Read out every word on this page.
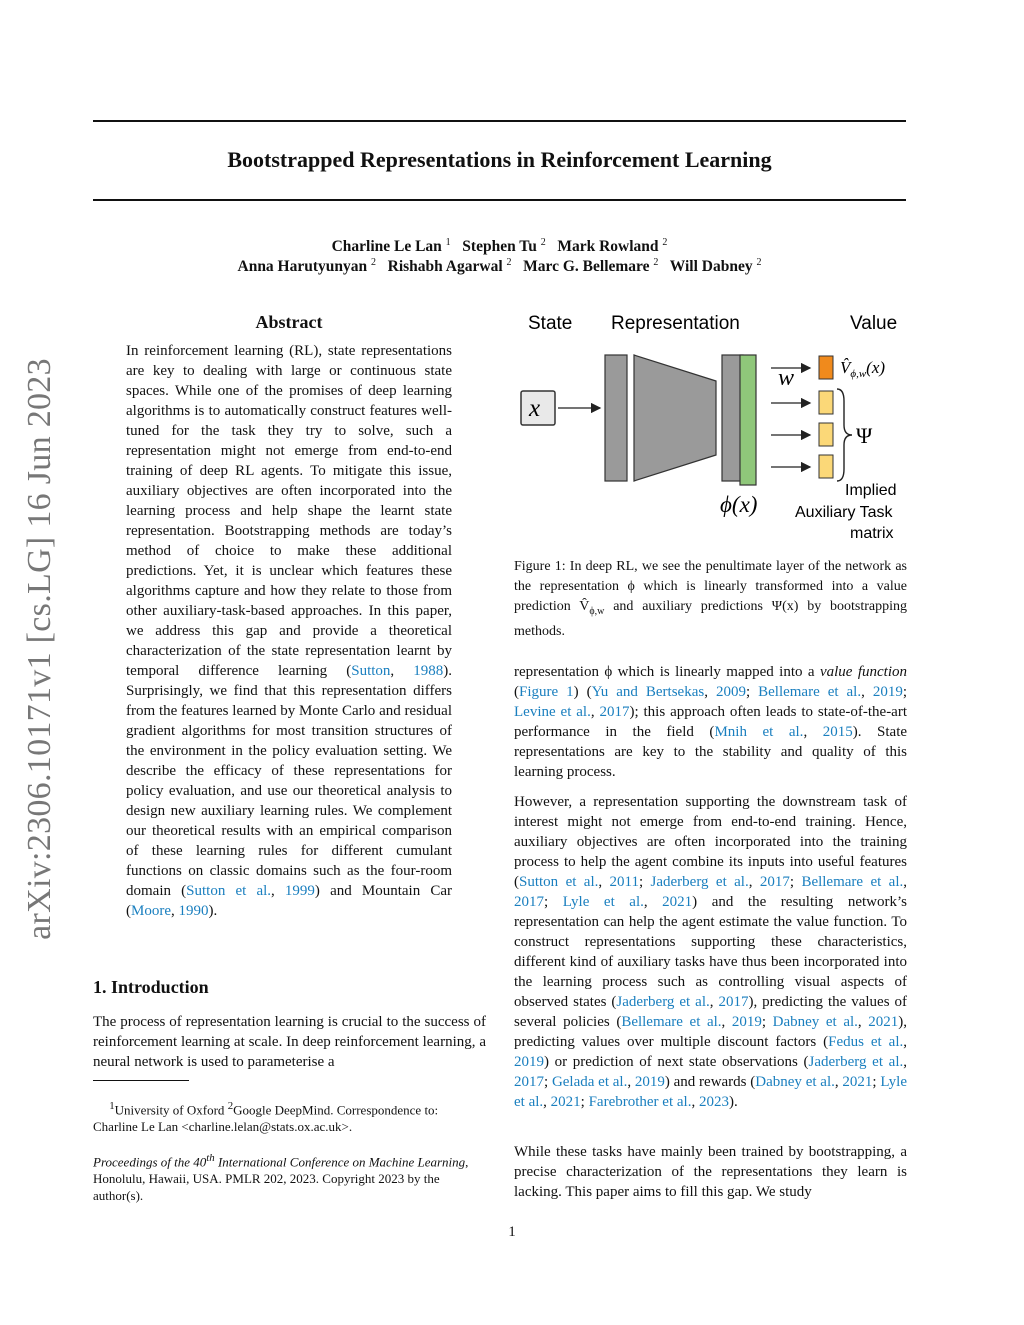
Bootstrapped Representations in Reinforcement Learning
Charline Le Lan $^1$ Stephen Tu $^2$ Mark Rowland $^2$
Anna Harutyunyan $^2$ Rishabh Agarwal $^2$ Marc G. Bellemare $^2$ Will Dabney $^2$
arXiv:2306.10171v1 [cs.LG] 16 Jun 2023
Abstract
In reinforcement learning (RL), state representations are key to dealing with large or continuous state spaces. While one of the promises of deep learning algorithms is to automatically construct features well-tuned for the task they try to solve, such a representation might not emerge from end-to-end training of deep RL agents. To mitigate this issue, auxiliary objectives are often incorporated into the learning process and help shape the learnt state representation. Bootstrapping methods are today’s method of choice to make these additional predictions. Yet, it is unclear which features these algorithms capture and how they relate to those from other auxiliary-task-based approaches. In this paper, we address this gap and provide a theoretical characterization of the state representation learnt by temporal difference learning (Sutton, 1988). Surprisingly, we find that this representation differs from the features learned by Monte Carlo and residual gradient algorithms for most transition structures of the environment in the policy evaluation setting. We describe the efficacy of these representations for policy evaluation, and use our theoretical analysis to design new auxiliary learning rules. We complement our theoretical results with an empirical comparison of these learning rules for different cumulant functions on classic domains such as the four-room domain (Sutton et al., 1999) and Mountain Car (Moore, 1990).
1. Introduction
The process of representation learning is crucial to the success of reinforcement learning at scale. In deep reinforcement learning, a neural network is used to parameterise a
$^1$University of Oxford $^2$Google DeepMind. Correspondence to: Charline Le Lan <charline.lelan@stats.ox.ac.uk>.
Proceedings of the 40th International Conference on Machine Learning, Honolulu, Hawaii, USA. PMLR 202, 2023. Copyright 2023 by the author(s).
State Representation	Value
x
w	$V̂_{\phi,w}(x)$
Ψ
ϕ(x)
Implied Auxiliary Task matrix
Figure 1: In deep RL, we see the penultimate layer of the network as the representation ϕ which is linearly transformed into a value prediction $V̂_{\phi,w}$ and auxiliary predictions Ψ(x) by bootstrapping methods.
representation ϕ which is linearly mapped into a value function (Figure 1) (Yu and Bertsekas, 2009; Bellemare et al., 2019; Levine et al., 2017); this approach often leads to state-of-the-art performance in the field (Mnih et al., 2015). State representations are key to the stability and quality of this learning process.
However, a representation supporting the downstream task of interest might not emerge from end-to-end training. Hence, auxiliary objectives are often incorporated into the training process to help the agent combine its inputs into useful features (Sutton et al., 2011; Jaderberg et al., 2017; Bellemare et al., 2017; Lyle et al., 2021) and the resulting network’s representation can help the agent estimate the value function. To construct representations supporting these characteristics, different kind of auxiliary tasks have thus been incorporated into the learning process such as controlling visual aspects of observed states (Jaderberg et al., 2017), predicting the values of several policies (Bellemare et al., 2019; Dabney et al., 2021), predicting values over multiple discount factors (Fedus et al., 2019) or prediction of next state observations (Jaderberg et al., 2017; Gelada et al., 2019) and rewards (Dabney et al., 2021; Lyle et al., 2021; Farebrother et al., 2023).
While these tasks have mainly been trained by bootstrapping, a precise characterization of the representations they learn is lacking. This paper aims to fill this gap. We study
1
